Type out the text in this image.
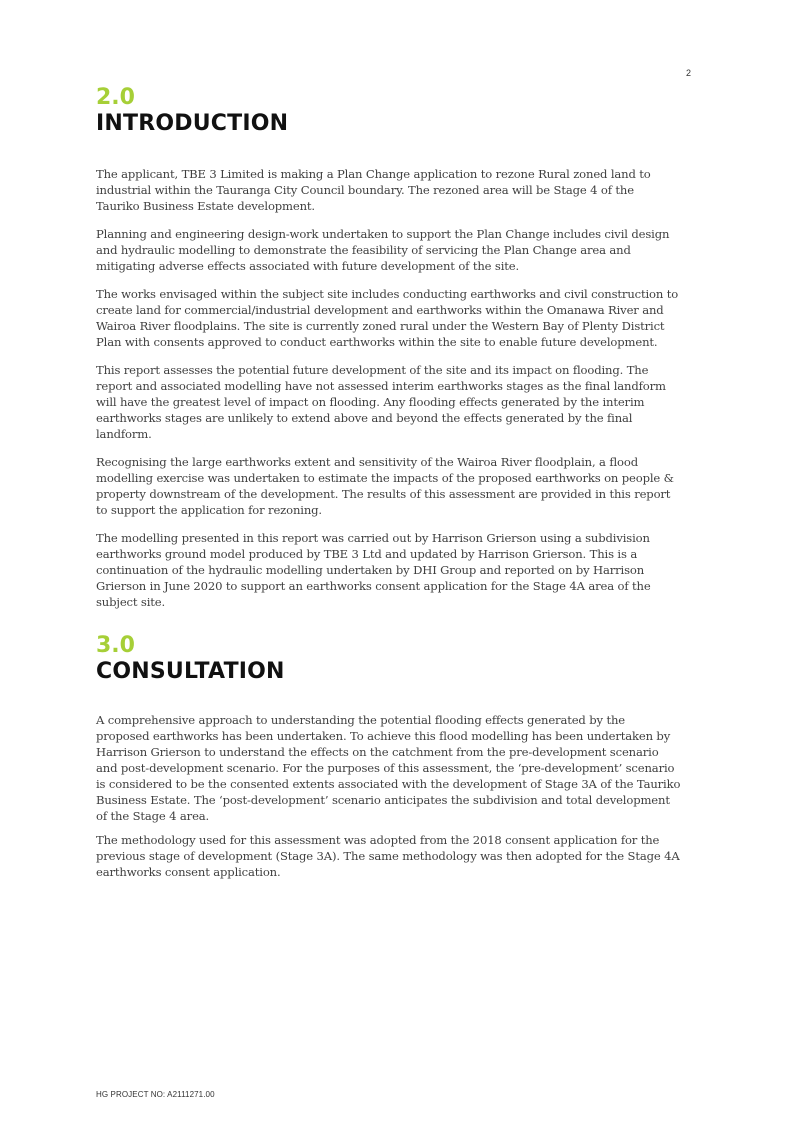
2
2.0
INTRODUCTION

The applicant, TBE 3 Limited is making a Plan Change application to rezone Rural zoned land to
industrial within the Tauranga City Council boundary. The rezoned area will be Stage 4 of the
Tauriko Business Estate development.

Planning and engineering design-work undertaken to support the Plan Change includes civil design
and hydraulic modelling to demonstrate the feasibility of servicing the Plan Change area and
mitigating adverse effects associated with future development of the site.

The works envisaged within the subject site includes conducting earthworks and civil construction to
create land for commercial/industrial development and earthworks within the Omanawa River and
Wairoa River floodplains. The site is currently zoned rural under the Western Bay of Plenty District
Plan with consents approved to conduct earthworks within the site to enable future development.

This report assesses the potential future development of the site and its impact on flooding. The
report and associated modelling have not assessed interim earthworks stages as the final landform
will have the greatest level of impact on flooding. Any flooding effects generated by the interim
earthworks stages are unlikely to extend above and beyond the effects generated by the final
landform.

Recognising the large earthworks extent and sensitivity of the Wairoa River floodplain, a flood
modelling exercise was undertaken to estimate the impacts of the proposed earthworks on people &
property downstream of the development. The results of this assessment are provided in this report
to support the application for rezoning.

The modelling presented in this report was carried out by Harrison Grierson using a subdivision
earthworks ground model produced by TBE 3 Ltd and updated by Harrison Grierson. This is a
continuation of the hydraulic modelling undertaken by DHI Group and reported on by Harrison
Grierson in June 2020 to support an earthworks consent application for the Stage 4A area of the
subject site.

3.0
CONSULTATION

A comprehensive approach to understanding the potential flooding effects generated by the
proposed earthworks has been undertaken. To achieve this flood modelling has been undertaken by
Harrison Grierson to understand the effects on the catchment from the pre-development scenario
and post-development scenario. For the purposes of this assessment, the ‘pre-development’ scenario
is considered to be the consented extents associated with the development of Stage 3A of the Tauriko
Business Estate. The ‘post-development’ scenario anticipates the subdivision and total development
of the Stage 4 area.

The methodology used for this assessment was adopted from the 2018 consent application for the
previous stage of development (Stage 3A). The same methodology was then adopted for the Stage 4A
earthworks consent application.

HG PROJECT NO: A2111271.00
